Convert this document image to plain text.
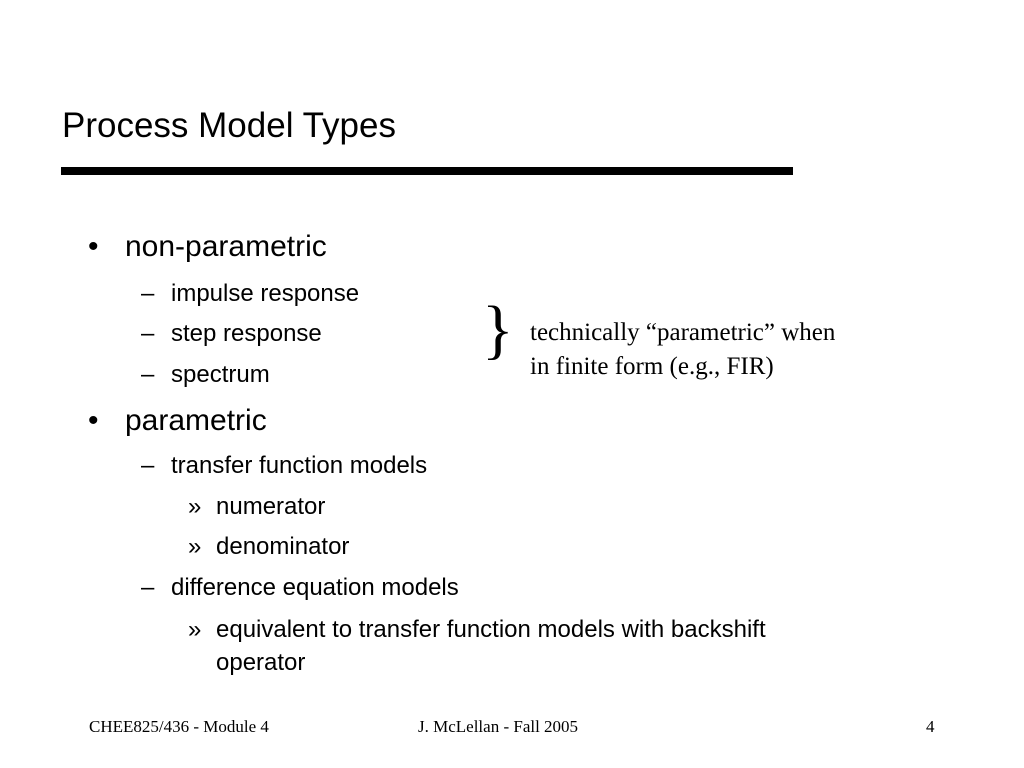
Process Model Types
• non-parametric
– impulse response
– step response
– spectrum
} technically “parametric” when
in finite form (e.g., FIR)
• parametric
– transfer function models
» numerator
» denominator
– difference equation models
» equivalent to transfer function models with backshift
operator
CHEE825/436 - Module 4	J. McLellan - Fall 2005	4
